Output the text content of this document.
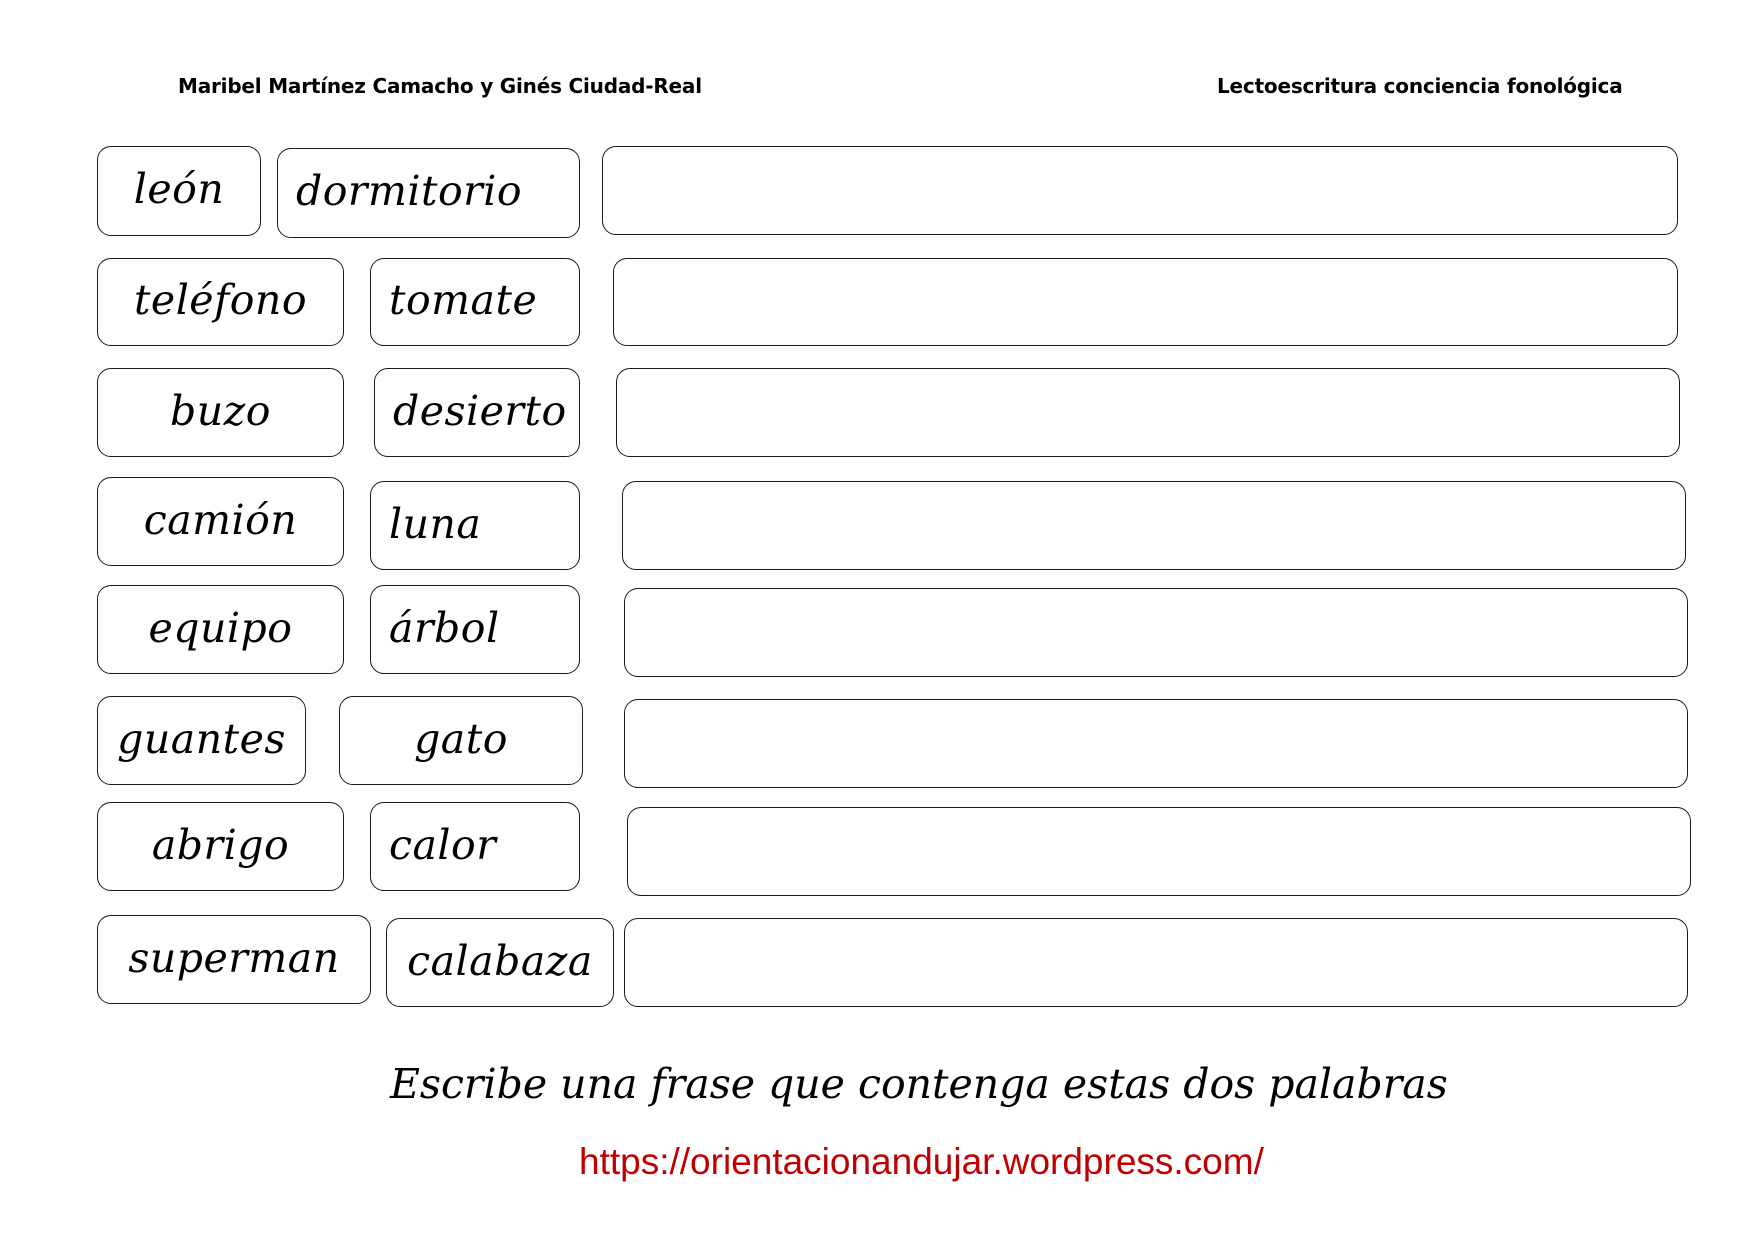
Maribel Martínez Camacho y Ginés Ciudad-Real	Lectoescritura conciencia fonológica
león	dormitorio
teléfono	tomate
buzo	desierto
camión	luna
equipo	árbol
guantes	gato
abrigo	calor
superman	calabaza
Escribe una frase que contenga estas dos palabras
https://orientacionandujar.wordpress.com/
